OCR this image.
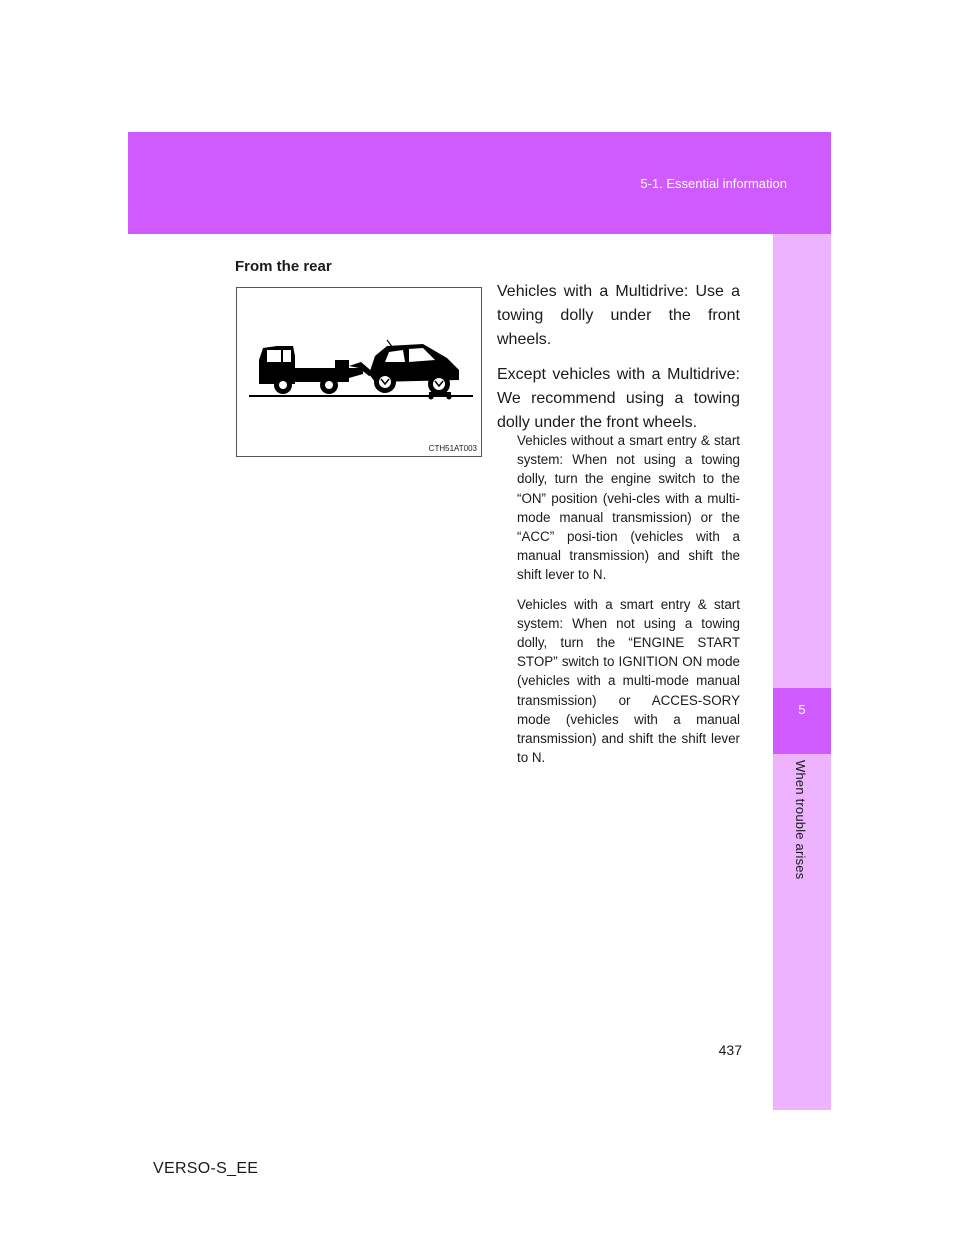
5-1. Essential information
5
When trouble arises
From the rear
CTH51AT003

Vehicles with a Multidrive: Use a towing dolly under the front wheels.

Except vehicles with a Multidrive: We recommend using a towing dolly under the front wheels.

Vehicles without a smart entry & start system: When not using a towing dolly, turn the engine switch to the “ON” position (vehi-cles with a multi-mode manual transmission) or the “ACC” posi-tion (vehicles with a manual transmission) and shift the shift lever to N.

Vehicles with a smart entry & start system: When not using a towing dolly, turn the “ENGINE START STOP” switch to IGNITION ON mode (vehicles with a multi-mode manual transmission) or ACCES-SORY mode (vehicles with a manual transmission) and shift the shift lever to N.

437
VERSO-S_EE
